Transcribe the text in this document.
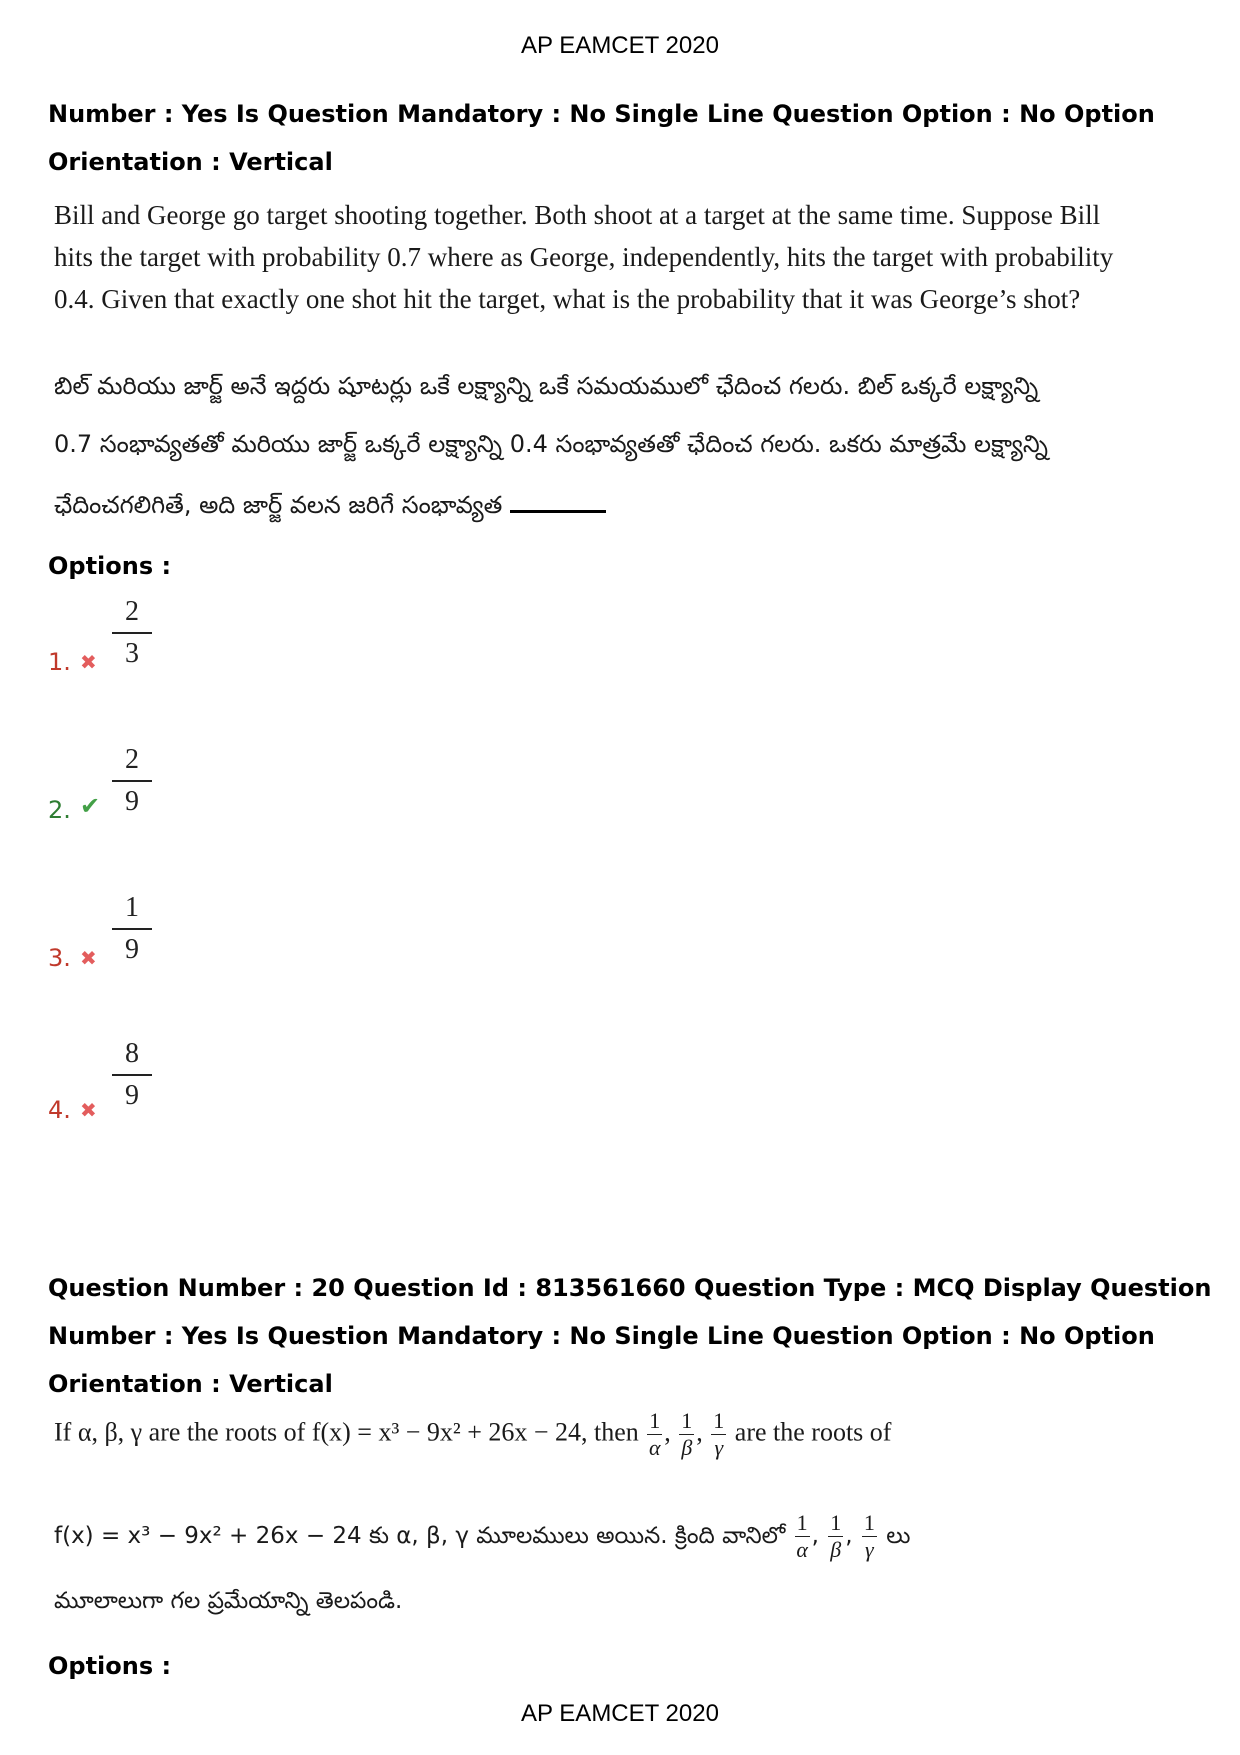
AP EAMCET 2020
Number : Yes Is Question Mandatory : No Single Line Question Option : No Option
Orientation : Vertical
Bill and George go target shooting together. Both shoot at a target at the same time. Suppose Bill
hits the target with probability 0.7 where as George, independently, hits the target with probability
0.4. Given that exactly one shot hit the target, what is the probability that it was George’s shot?
బిల్ మరియు జార్జ్ అనే ఇద్దరు షూటర్లు ఒకే లక్ష్యాన్ని ఒకే సమయములో ఛేదించ గలరు. బిల్ ఒక్కరే లక్ష్యాన్ని
0.7 సంభావ్యతతో మరియు జార్జ్ ఒక్కరే లక్ష్యాన్ని 0.4 సంభావ్యతతో ఛేదించ గలరు. ఒకరు మాత్రమే లక్ష్యాన్ని
ఛేదించగలిగితే, అది జార్జ్ వలన జరిగే సంభావ్యత
Options :
1. ✖ $\frac{2}{3}$
2. ✔ $\frac{2}{9}$
3. ✖ $\frac{1}{9}$
4. ✖ $\frac{8}{9}$
Question Number : 20 Question Id : 813561660 Question Type : MCQ Display Question
Number : Yes Is Question Mandatory : No Single Line Question Option : No Option
Orientation : Vertical
If α, β, γ are the roots of f(x) = x³ − 9x² + 26x − 24, then $\frac{1}{\alpha}$ , $\frac{1}{\beta}$ , $\frac{1}{\gamma}$ are the roots of
f(x) = x³ − 9x² + 26x − 24 కు α, β, γ మూలములు అయిన. క్రింది వానిలో $\frac{1}{\alpha}$ , $\frac{1}{\beta}$ , $\frac{1}{\gamma}$ లు
మూలాలుగా గల ప్రమేయాన్ని తెలపండి.
Options :
AP EAMCET 2020
